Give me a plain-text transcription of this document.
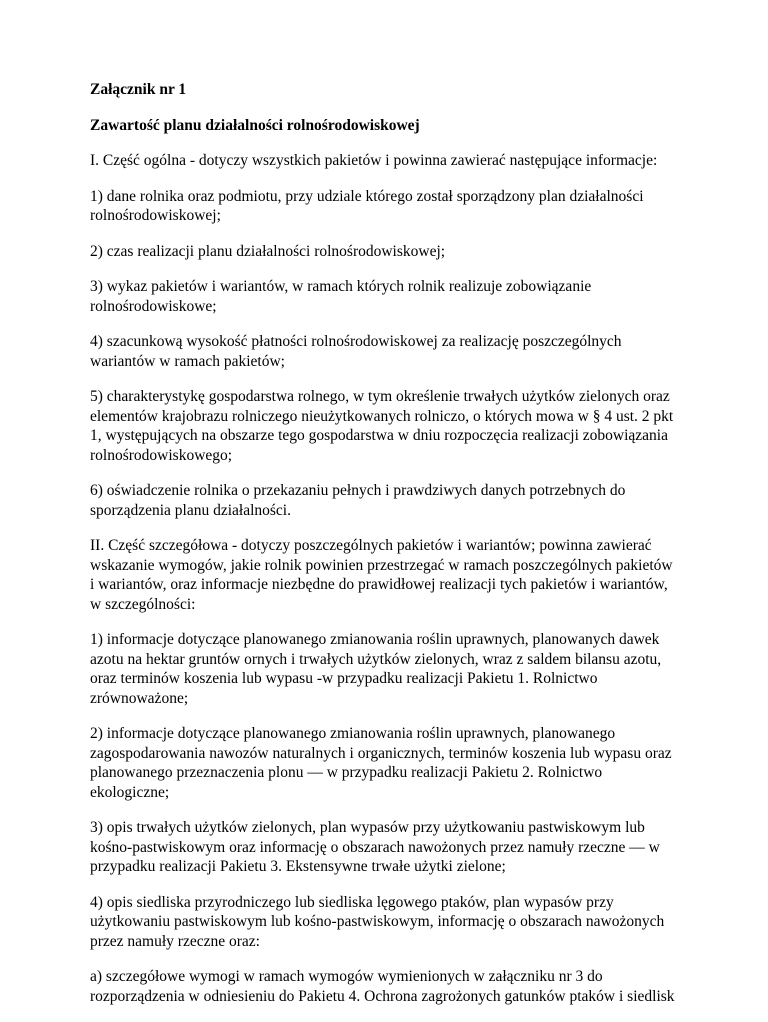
Załącznik nr 1

Zawartość planu działalności rolnośrodowiskowej

I. Część ogólna - dotyczy wszystkich pakietów i powinna zawierać następujące informacje:

1) dane rolnika oraz podmiotu, przy udziale którego został sporządzony plan działalności
rolnośrodowiskowej;

2) czas realizacji planu działalności rolnośrodowiskowej;

3) wykaz pakietów i wariantów, w ramach których rolnik realizuje zobowiązanie
rolnośrodowiskowe;

4) szacunkową wysokość płatności rolnośrodowiskowej za realizację poszczególnych
wariantów w ramach pakietów;

5) charakterystykę gospodarstwa rolnego, w tym określenie trwałych użytków zielonych oraz
elementów krajobrazu rolniczego nieużytkowanych rolniczo, o których mowa w § 4 ust. 2 pkt
1, występujących na obszarze tego gospodarstwa w dniu rozpoczęcia realizacji zobowiązania
rolnośrodowiskowego;

6) oświadczenie rolnika o przekazaniu pełnych i prawdziwych danych potrzebnych do
sporządzenia planu działalności.

II. Część szczegółowa - dotyczy poszczególnych pakietów i wariantów; powinna zawierać
wskazanie wymogów, jakie rolnik powinien przestrzegać w ramach poszczególnych pakietów
i wariantów, oraz informacje niezbędne do prawidłowej realizacji tych pakietów i wariantów,
w szczególności:

1) informacje dotyczące planowanego zmianowania roślin uprawnych, planowanych dawek
azotu na hektar gruntów ornych i trwałych użytków zielonych, wraz z saldem bilansu azotu,
oraz terminów koszenia lub wypasu -w przypadku realizacji Pakietu 1. Rolnictwo
zrównoważone;

2) informacje dotyczące planowanego zmianowania roślin uprawnych, planowanego
zagospodarowania nawozów naturalnych i organicznych, terminów koszenia lub wypasu oraz
planowanego przeznaczenia plonu — w przypadku realizacji Pakietu 2. Rolnictwo
ekologiczne;

3) opis trwałych użytków zielonych, plan wypasów przy użytkowaniu pastwiskowym lub
kośno-pastwiskowym oraz informację o obszarach nawożonych przez namuły rzeczne — w
przypadku realizacji Pakietu 3. Ekstensywne trwałe użytki zielone;

4) opis siedliska przyrodniczego lub siedliska lęgowego ptaków, plan wypasów przy
użytkowaniu pastwiskowym lub kośno-pastwiskowym, informację o obszarach nawożonych
przez namuły rzeczne oraz:

a) szczegółowe wymogi w ramach wymogów wymienionych w załączniku nr 3 do
rozporządzenia w odniesieniu do Pakietu 4. Ochrona zagrożonych gatunków ptaków i siedlisk
